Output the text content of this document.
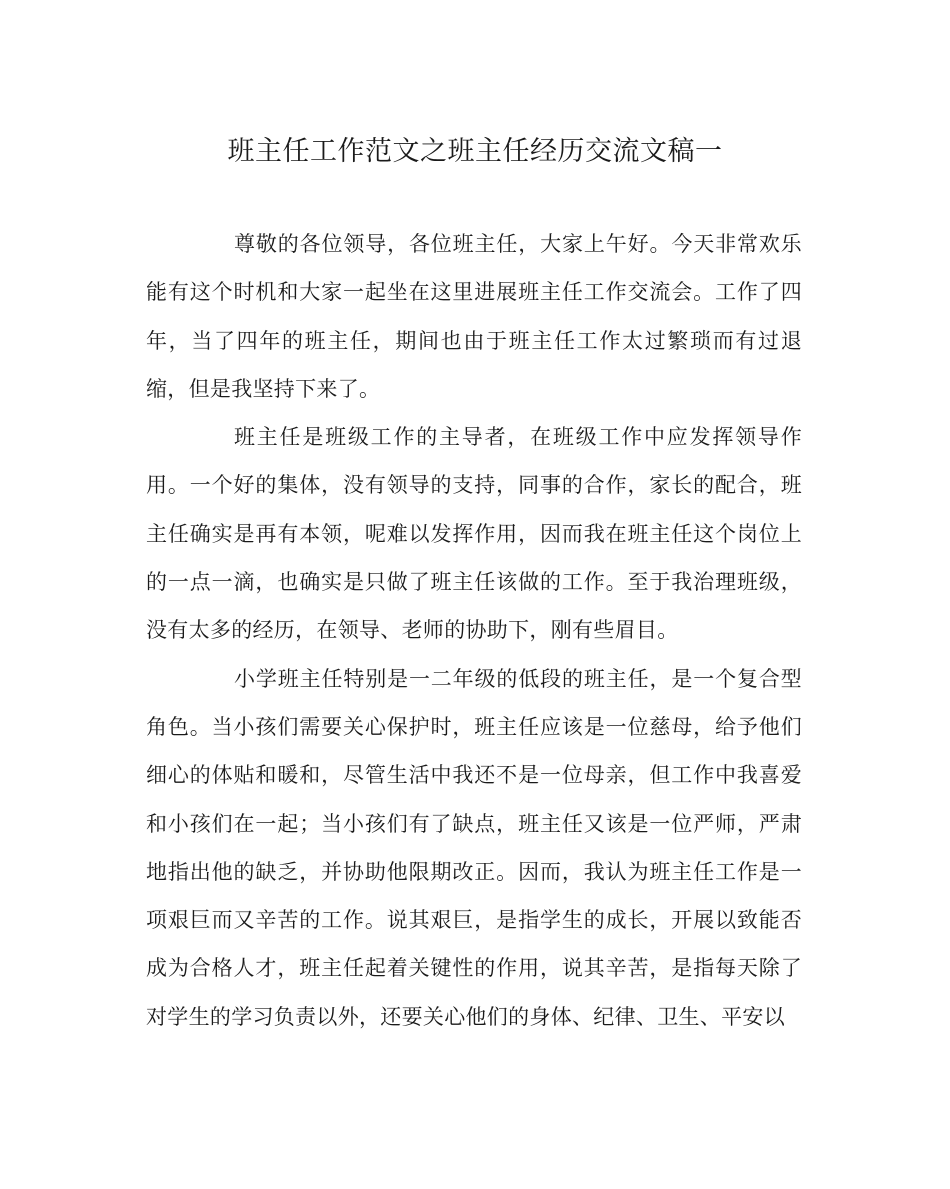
班主任工作范文之班主任经历交流文稿一

尊敬的各位领导，各位班主任，大家上午好。今天非常欢乐能有这个时机和大家一起坐在这里进展班主任工作交流会。工作了四年，当了四年的班主任，期间也由于班主任工作太过繁琐而有过退缩，但是我坚持下来了。

班主任是班级工作的主导者，在班级工作中应发挥领导作用。一个好的集体，没有领导的支持，同事的合作，家长的配合，班主任确实是再有本领，呢难以发挥作用，因而我在班主任这个岗位上的一点一滴，也确实是只做了班主任该做的工作。至于我治理班级，没有太多的经历，在领导、老师的协助下，刚有些眉目。

小学班主任特别是一二年级的低段的班主任，是一个复合型角色。当小孩们需要关心保护时，班主任应该是一位慈母，给予他们细心的体贴和暖和，尽管生活中我还不是一位母亲，但工作中我喜爱和小孩们在一起；当小孩们有了缺点，班主任又该是一位严师，严肃地指出他的缺乏，并协助他限期改正。因而，我认为班主任工作是一项艰巨而又辛苦的工作。说其艰巨，是指学生的成长，开展以致能否成为合格人才，班主任起着关键性的作用，说其辛苦，是指每天除了对学生的学习负责以外，还要关心他们的身体、纪律、卫生、平安以
